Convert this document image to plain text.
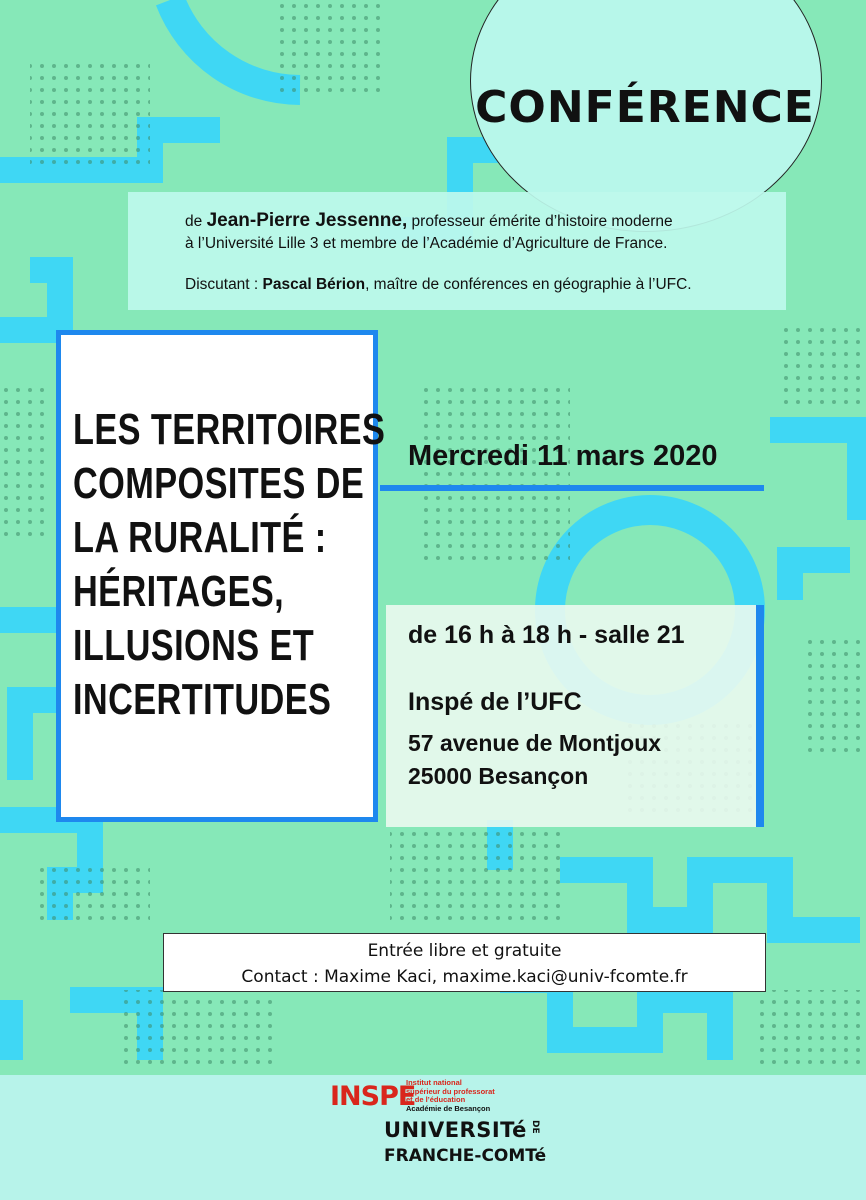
CONFÉRENCE

de Jean-Pierre Jessenne, professeur émérite d’histoire moderne

à l’Université Lille 3 et membre de l’Académie d’Agriculture de France.

Discutant : Pascal Bérion, maître de conférences en géographie à l’UFC.

LES TERRITOIRES
COMPOSITES DE
LA RURALITÉ :
HÉRITAGES,
ILLUSIONS ET
INCERTITUDES

Mercredi 11 mars 2020

de 16 h à 18 h - salle 21

Inspé de l’UFC

57 avenue de Montjoux

25000 Besançon

Entrée libre et gratuite

Contact : Maxime Kaci, maxime.kaci@univ-fcomte.fr

INSPE
Institut national
supérieur du professorat
et de l’éducation
Académie de Besançon
UNIVERSITé DE
FRANCHE-COMTé
